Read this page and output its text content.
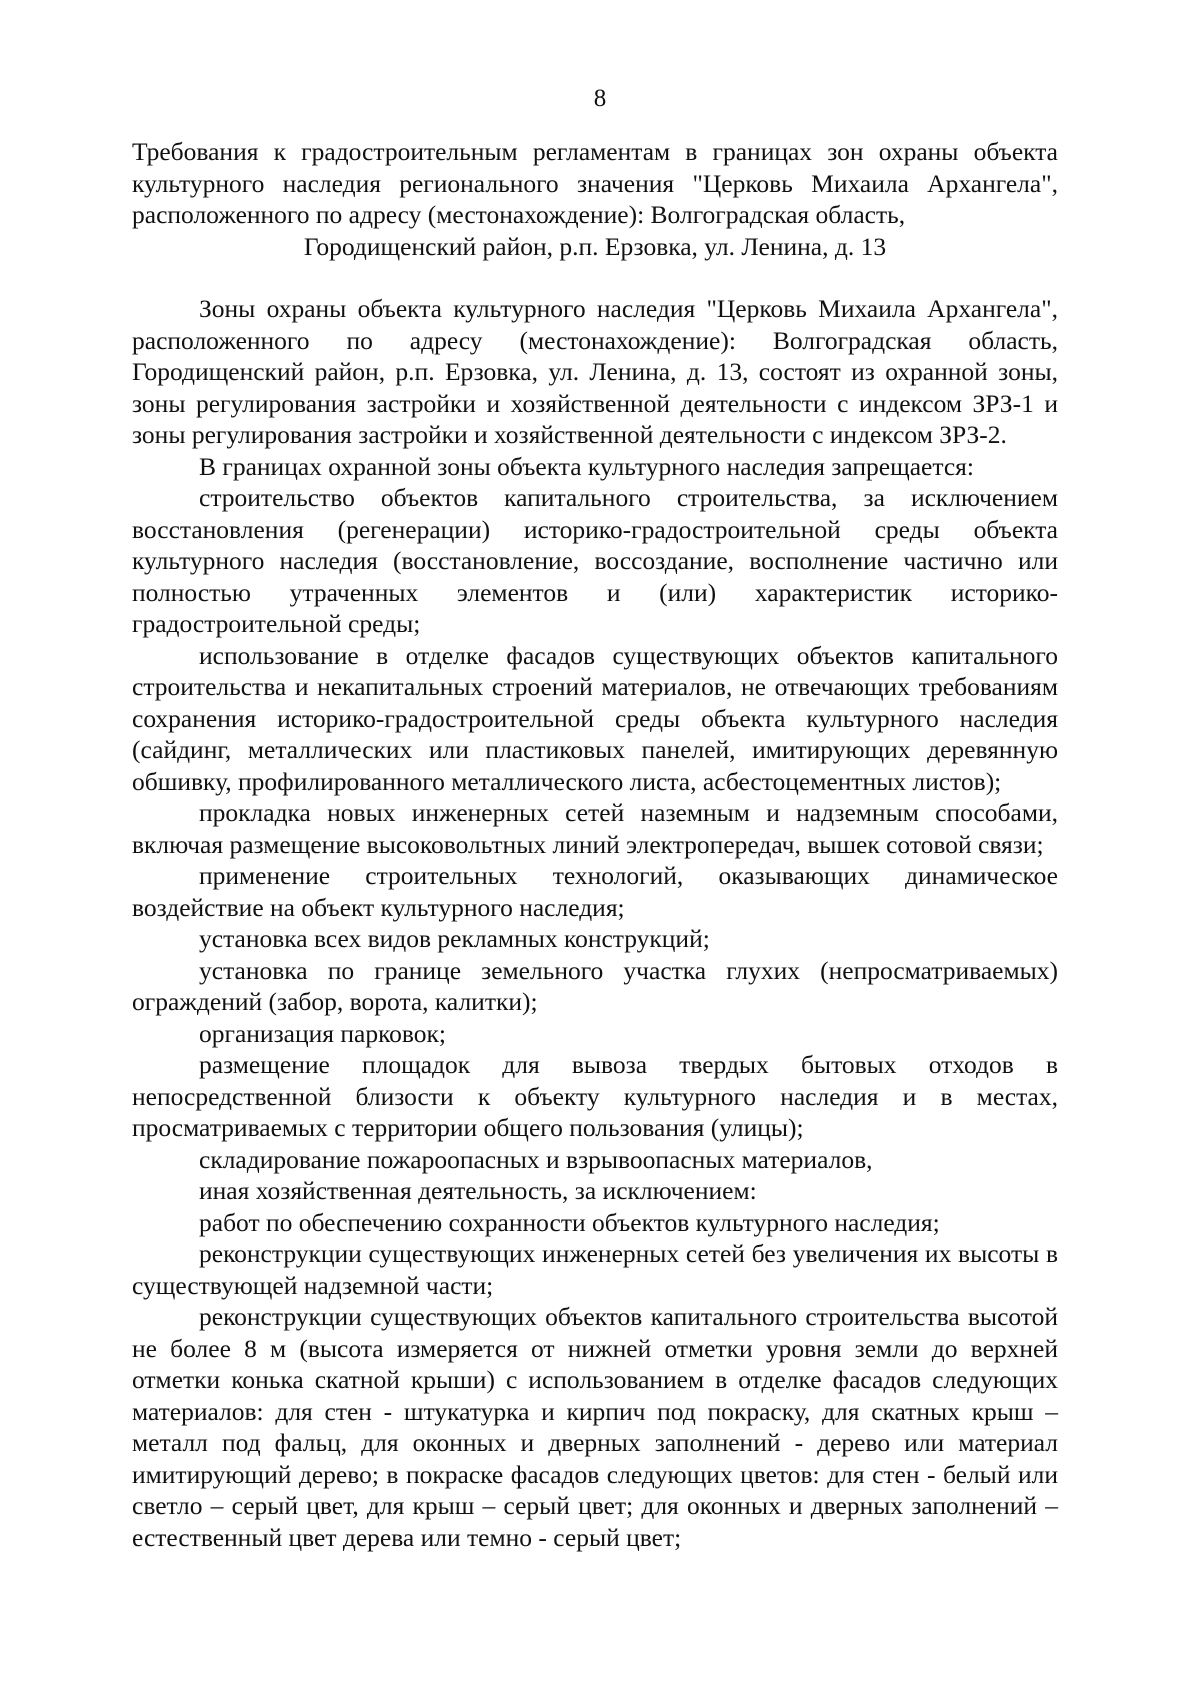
8
Требования к градостроительным регламентам в границах зон охраны объекта культурного наследия регионального значения "Церковь Михаила Архангела", расположенного по адресу (местонахождение): Волгоградская область,
Городищенский район, р.п. Ерзовка, ул. Ленина, д. 13

Зоны охраны объекта культурного наследия "Церковь Михаила Архангела", расположенного по адресу (местонахождение): Волгоградская область, Городищенский район, р.п. Ерзовка, ул. Ленина, д. 13, состоят из охранной зоны, зоны регулирования застройки и хозяйственной деятельности с индексом ЗРЗ-1 и зоны регулирования застройки и хозяйственной деятельности с индексом ЗРЗ-2.

В границах охранной зоны объекта культурного наследия запрещается:

строительство объектов капитального строительства, за исключением восстановления (регенерации) историко-градостроительной среды объекта культурного наследия (восстановление, воссоздание, восполнение частично или полностью утраченных элементов и (или) характеристик историко-градостроительной среды;

использование в отделке фасадов существующих объектов капитального строительства и некапитальных строений материалов, не отвечающих требованиям сохранения историко-градостроительной среды объекта культурного наследия (сайдинг, металлических или пластиковых панелей, имитирующих деревянную обшивку, профилированного металлического листа, асбестоцементных листов);

прокладка новых инженерных сетей наземным и надземным способами, включая размещение высоковольтных линий электропередач, вышек сотовой связи;

применение строительных технологий, оказывающих динамическое воздействие на объект культурного наследия;

установка всех видов рекламных конструкций;

установка по границе земельного участка глухих (непросматриваемых) ограждений (забор, ворота, калитки);

организация парковок;

размещение площадок для вывоза твердых бытовых отходов в непосредственной близости к объекту культурного наследия и в местах, просматриваемых с территории общего пользования (улицы);

складирование пожароопасных и взрывоопасных материалов,

иная хозяйственная деятельность, за исключением:

работ по обеспечению сохранности объектов культурного наследия;

реконструкции существующих инженерных сетей без увеличения их высоты в существующей надземной части;

реконструкции существующих объектов капитального строительства высотой не более 8 м (высота измеряется от нижней отметки уровня земли до верхней отметки конька скатной крыши) с использованием в отделке фасадов следующих материалов: для стен - штукатурка и кирпич под покраску, для скатных крыш – металл под фальц, для оконных и дверных заполнений - дерево или материал имитирующий дерево; в покраске фасадов следующих цветов: для стен - белый или светло – серый цвет, для крыш – серый цвет; для оконных и дверных заполнений – естественный цвет дерева или темно - серый цвет;
